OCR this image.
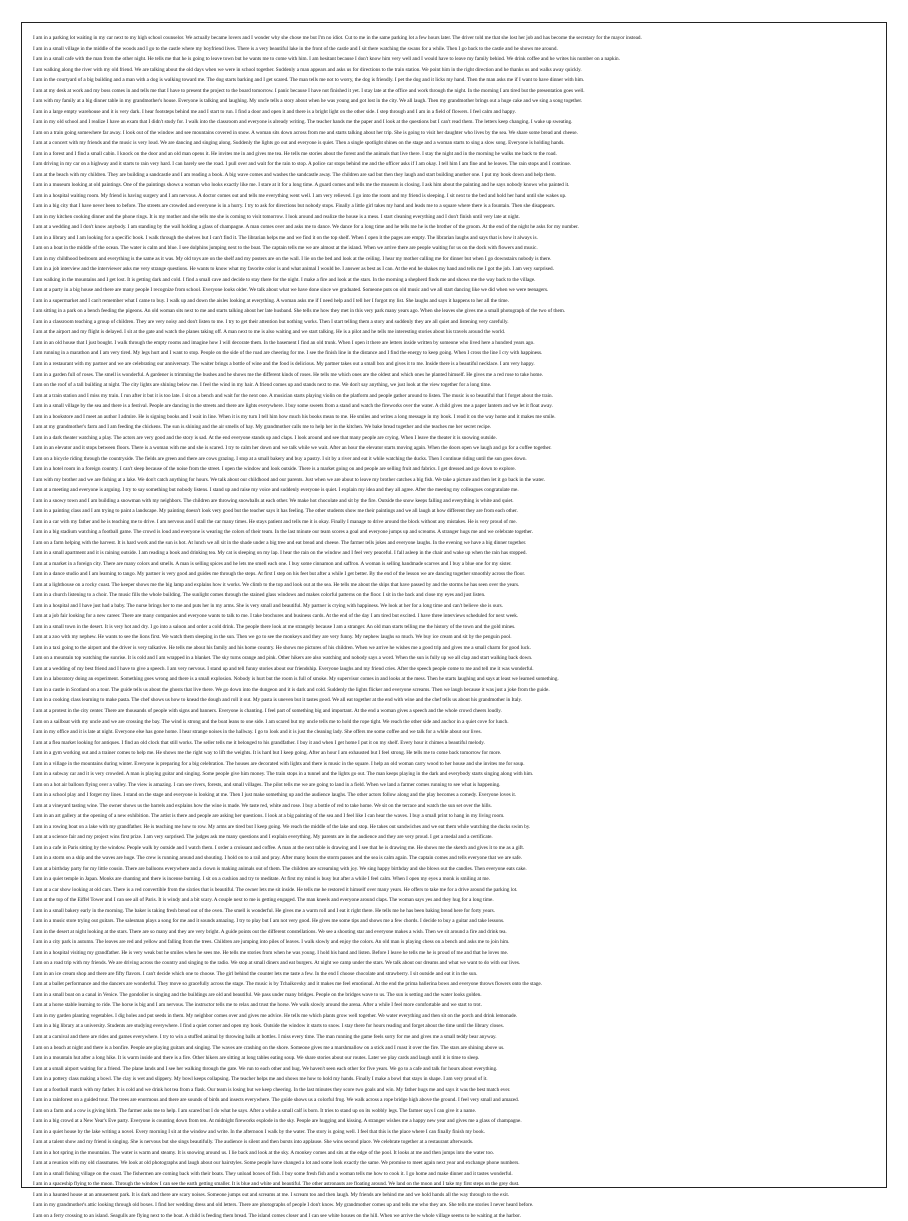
I am in a parking lot waiting in my car next to my high school counselor. We actually became lovers and I wonder why she chose me but I'm no idiot. Cut to me in the same parking lot a few hours later. The driver told me that she lost her job and has become the secretary for the mayor instead.

I am in a small village in the middle of the woods and I go to the castle where my boyfriend lives. There is a very beautiful lake in the front of the castle and I sit there watching the swans for a while. Then I go back to the castle and he shows me around.

I am in a small cafe with the man from the other night. He tells me that he is going to leave town but he wants me to come with him. I am hesitant because I don't know him very well and I would have to leave my family behind. We drink coffee and he writes his number on a napkin.

I am walking along the river with my old friend. We are talking about the old days when we were in school together. Suddenly a man appears and asks us for directions to the train station. We point him in the right direction and he thanks us and walks away quickly.

I am in the courtyard of a big building and a man with a dog is walking toward me. The dog starts barking and I get scared. The man tells me not to worry, the dog is friendly. I pet the dog and it licks my hand. Then the man asks me if I want to have dinner with him.

I am at my desk at work and my boss comes in and tells me that I have to present the project to the board tomorrow. I panic because I have not finished it yet. I stay late at the office and work through the night. In the morning I am tired but the presentation goes well.

I am with my family at a big dinner table in my grandmother's house. Everyone is talking and laughing. My uncle tells a story about when he was young and got lost in the city. We all laugh. Then my grandmother brings out a huge cake and we sing a song together.

I am in a large empty warehouse and it is very dark. I hear footsteps behind me and I start to run. I find a door and open it and there is a bright light on the other side. I step through and I am in a field of flowers. I feel calm and happy.

I am in my old school and I realize I have an exam that I didn't study for. I walk into the classroom and everyone is already writing. The teacher hands me the paper and I look at the questions but I can't read them. The letters keep changing. I wake up sweating.

I am on a train going somewhere far away. I look out of the window and see mountains covered in snow. A woman sits down across from me and starts talking about her trip. She is going to visit her daughter who lives by the sea. We share some bread and cheese.

I am at a concert with my friends and the music is very loud. We are dancing and singing along. Suddenly the lights go out and everyone is quiet. Then a single spotlight shines on the stage and a woman starts to sing a slow song. Everyone is holding hands.

I am in a forest and I find a small cabin. I knock on the door and an old man opens it. He invites me in and gives me tea. He tells me stories about the forest and the animals that live there. I stay the night and in the morning he walks me back to the road.

I am driving in my car on a highway and it starts to rain very hard. I can barely see the road. I pull over and wait for the rain to stop. A police car stops behind me and the officer asks if I am okay. I tell him I am fine and he leaves. The rain stops and I continue.

I am at the beach with my children. They are building a sandcastle and I am reading a book. A big wave comes and washes the sandcastle away. The children are sad but then they laugh and start building another one. I put my book down and help them.

I am in a museum looking at old paintings. One of the paintings shows a woman who looks exactly like me. I stare at it for a long time. A guard comes and tells me the museum is closing. I ask him about the painting and he says nobody knows who painted it.

I am in a hospital waiting room. My friend is having surgery and I am nervous. A doctor comes out and tells me everything went well. I am very relieved. I go into the room and my friend is sleeping. I sit next to the bed and hold her hand until she wakes up.

I am in a big city that I have never been to before. The streets are crowded and everyone is in a hurry. I try to ask for directions but nobody stops. Finally a little girl takes my hand and leads me to a square where there is a fountain. Then she disappears.

I am in my kitchen cooking dinner and the phone rings. It is my mother and she tells me she is coming to visit tomorrow. I look around and realize the house is a mess. I start cleaning everything and I don't finish until very late at night.

I am at a wedding and I don't know anybody. I am standing by the wall holding a glass of champagne. A man comes over and asks me to dance. We dance for a long time and he tells me he is the brother of the groom. At the end of the night he asks for my number.

I am in a library and I am looking for a specific book. I walk through the shelves but I can't find it. The librarian helps me and we find it on the top shelf. When I open it the pages are empty. The librarian laughs and says that is how it always is.

I am on a boat in the middle of the ocean. The water is calm and blue. I see dolphins jumping next to the boat. The captain tells me we are almost at the island. When we arrive there are people waiting for us on the dock with flowers and music.

I am in my childhood bedroom and everything is the same as it was. My old toys are on the shelf and my posters are on the wall. I lie on the bed and look at the ceiling. I hear my mother calling me for dinner but when I go downstairs nobody is there.

I am in a job interview and the interviewer asks me very strange questions. He wants to know what my favorite color is and what animal I would be. I answer as best as I can. At the end he shakes my hand and tells me I got the job. I am very surprised.

I am walking in the mountains and I get lost. It is getting dark and cold. I find a small cave and decide to stay there for the night. I make a fire and look at the stars. In the morning a shepherd finds me and shows me the way back to the village.

I am at a party in a big house and there are many people I recognize from school. Everyone looks older. We talk about what we have done since we graduated. Someone puts on old music and we all start dancing like we did when we were teenagers.

I am in a supermarket and I can't remember what I came to buy. I walk up and down the aisles looking at everything. A woman asks me if I need help and I tell her I forgot my list. She laughs and says it happens to her all the time.

I am sitting in a park on a bench feeding the pigeons. An old woman sits next to me and starts talking about her late husband. She tells me how they met in this very park many years ago. When she leaves she gives me a small photograph of the two of them.

I am in a classroom teaching a group of children. They are very noisy and don't listen to me. I try to get their attention but nothing works. Then I start telling them a story and suddenly they are all quiet and listening very carefully.

I am at the airport and my flight is delayed. I sit at the gate and watch the planes taking off. A man next to me is also waiting and we start talking. He is a pilot and he tells me interesting stories about his travels around the world.

I am in an old house that I just bought. I walk through the empty rooms and imagine how I will decorate them. In the basement I find an old trunk. When I open it there are letters inside written by someone who lived here a hundred years ago.

I am running in a marathon and I am very tired. My legs hurt and I want to stop. People on the side of the road are cheering for me. I see the finish line in the distance and I find the energy to keep going. When I cross the line I cry with happiness.

I am in a restaurant with my partner and we are celebrating our anniversary. The waiter brings a bottle of wine and the food is delicious. My partner takes out a small box and gives it to me. Inside there is a beautiful necklace. I am very happy.

I am in a garden full of roses. The smell is wonderful. A gardener is trimming the bushes and he shows me the different kinds of roses. He tells me which ones are the oldest and which ones he planted himself. He gives me a red rose to take home.

I am on the roof of a tall building at night. The city lights are shining below me. I feel the wind in my hair. A friend comes up and stands next to me. We don't say anything, we just look at the view together for a long time.

I am at a train station and I miss my train. I run after it but it is too late. I sit on a bench and wait for the next one. A musician starts playing violin on the platform and people gather around to listen. The music is so beautiful that I forget about the train.

I am in a small village by the sea and there is a festival. People are dancing in the streets and there are lights everywhere. I buy some sweets from a stand and watch the fireworks over the water. A child gives me a paper lantern and we let it float away.

I am in a bookstore and I meet an author I admire. He is signing books and I wait in line. When it is my turn I tell him how much his books mean to me. He smiles and writes a long message in my book. I read it on the way home and it makes me smile.

I am at my grandmother's farm and I am feeding the chickens. The sun is shining and the air smells of hay. My grandmother calls me to help her in the kitchen. We bake bread together and she teaches me her secret recipe.

I am in a dark theater watching a play. The actors are very good and the story is sad. At the end everyone stands up and claps. I look around and see that many people are crying. When I leave the theater it is snowing outside.

I am in an elevator and it stops between floors. There is a woman with me and she is scared. I try to calm her down and we talk while we wait. After an hour the elevator starts moving again. When the doors open we laugh and go for a coffee together.

I am on a bicycle riding through the countryside. The fields are green and there are cows grazing. I stop at a small bakery and buy a pastry. I sit by a river and eat it while watching the ducks. Then I continue riding until the sun goes down.

I am in a hotel room in a foreign country. I can't sleep because of the noise from the street. I open the window and look outside. There is a market going on and people are selling fruit and fabrics. I get dressed and go down to explore.

I am with my brother and we are fishing at a lake. We don't catch anything for hours. We talk about our childhood and our parents. Just when we are about to leave my brother catches a big fish. We take a picture and then let it go back in the water.

I am at a meeting and everyone is arguing. I try to say something but nobody listens. I stand up and raise my voice and suddenly everyone is quiet. I explain my idea and they all agree. After the meeting my colleagues congratulate me.

I am in a snowy town and I am building a snowman with my neighbors. The children are throwing snowballs at each other. We make hot chocolate and sit by the fire. Outside the snow keeps falling and everything is white and quiet.

I am in a painting class and I am trying to paint a landscape. My painting doesn't look very good but the teacher says it has feeling. The other students show me their paintings and we all laugh at how different they are from each other.

I am in a car with my father and he is teaching me to drive. I am nervous and I stall the car many times. He stays patient and tells me it is okay. Finally I manage to drive around the block without any mistakes. He is very proud of me.

I am in a big stadium watching a football game. The crowd is loud and everyone is wearing the colors of their team. In the last minute our team scores a goal and everyone jumps up and screams. A stranger hugs me and we celebrate together.

I am on a farm helping with the harvest. It is hard work and the sun is hot. At lunch we all sit in the shade under a big tree and eat bread and cheese. The farmer tells jokes and everyone laughs. In the evening we have a big dinner together.

I am in a small apartment and it is raining outside. I am reading a book and drinking tea. My cat is sleeping on my lap. I hear the rain on the window and I feel very peaceful. I fall asleep in the chair and wake up when the rain has stopped.

I am at a market in a foreign city. There are many colors and smells. A man is selling spices and he lets me smell each one. I buy some cinnamon and saffron. A woman is selling handmade scarves and I buy a blue one for my sister.

I am in a dance studio and I am learning to tango. My partner is very good and guides me through the steps. At first I step on his feet but after a while I get better. By the end of the lesson we are dancing together smoothly across the floor.

I am at a lighthouse on a rocky coast. The keeper shows me the big lamp and explains how it works. We climb to the top and look out at the sea. He tells me about the ships that have passed by and the storms he has seen over the years.

I am in a church listening to a choir. The music fills the whole building. The sunlight comes through the stained glass windows and makes colorful patterns on the floor. I sit in the back and close my eyes and just listen.

I am in a hospital and I have just had a baby. The nurse brings her to me and puts her in my arms. She is very small and beautiful. My partner is crying with happiness. We look at her for a long time and can't believe she is ours.

I am at a job fair looking for a new career. There are many companies and everyone wants to talk to me. I take brochures and business cards. At the end of the day I am tired but excited. I have three interviews scheduled for next week.

I am in a small town in the desert. It is very hot and dry. I go into a saloon and order a cold drink. The people there look at me strangely because I am a stranger. An old man starts telling me the history of the town and the gold mines.

I am at a zoo with my nephew. He wants to see the lions first. We watch them sleeping in the sun. Then we go to see the monkeys and they are very funny. My nephew laughs so much. We buy ice cream and sit by the penguin pool.

I am in a taxi going to the airport and the driver is very talkative. He tells me about his family and his home country. He shows me pictures of his children. When we arrive he wishes me a good trip and gives me a small charm for good luck.

I am on a mountain top watching the sunrise. It is cold and I am wrapped in a blanket. The sky turns orange and pink. Other hikers are also watching and nobody says a word. When the sun is fully up we all clap and start walking back down.

I am at a wedding of my best friend and I have to give a speech. I am very nervous. I stand up and tell funny stories about our friendship. Everyone laughs and my friend cries. After the speech people come to me and tell me it was wonderful.

I am in a laboratory doing an experiment. Something goes wrong and there is a small explosion. Nobody is hurt but the room is full of smoke. My supervisor comes in and looks at the mess. Then he starts laughing and says at least we learned something.

I am in a castle in Scotland on a tour. The guide tells us about the ghosts that live there. We go down into the dungeon and it is dark and cold. Suddenly the lights flicker and everyone screams. Then we laugh because it was just a joke from the guide.

I am in a cooking class learning to make pasta. The chef shows us how to knead the dough and roll it out. My pasta is uneven but it tastes good. We all eat together at the end with wine and the chef tells us about his grandmother in Italy.

I am at a protest in the city center. There are thousands of people with signs and banners. Everyone is chanting. I feel part of something big and important. At the end a woman gives a speech and the whole crowd cheers loudly.

I am on a sailboat with my uncle and we are crossing the bay. The wind is strong and the boat leans to one side. I am scared but my uncle tells me to hold the rope tight. We reach the other side and anchor in a quiet cove for lunch.

I am in my office and it is late at night. Everyone else has gone home. I hear strange noises in the hallway. I go to look and it is just the cleaning lady. She offers me some coffee and we talk for a while about our lives.

I am at a flea market looking for antiques. I find an old clock that still works. The seller tells me it belonged to his grandfather. I buy it and when I get home I put it on my shelf. Every hour it chimes a beautiful melody.

I am in a gym working out and a trainer comes to help me. He shows me the right way to lift the weights. It is hard but I keep going. After an hour I am exhausted but I feel strong. He tells me to come back tomorrow for more.

I am in a village in the mountains during winter. Everyone is preparing for a big celebration. The houses are decorated with lights and there is music in the square. I help an old woman carry wood to her house and she invites me for soup.

I am in a subway car and it is very crowded. A man is playing guitar and singing. Some people give him money. The train stops in a tunnel and the lights go out. The man keeps playing in the dark and everybody starts singing along with him.

I am on a hot air balloon flying over a valley. The view is amazing. I can see rivers, forests, and small villages. The pilot tells me we are going to land in a field. When we land a farmer comes running to see what is happening.

I am in a school play and I forget my lines. I stand on the stage and everyone is looking at me. Then I just make something up and the audience laughs. The other actors follow along and the play becomes a comedy. Everyone loves it.

I am at a vineyard tasting wine. The owner shows us the barrels and explains how the wine is made. We taste red, white and rose. I buy a bottle of red to take home. We sit on the terrace and watch the sun set over the hills.

I am in an art gallery at the opening of a new exhibition. The artist is there and people are asking her questions. I look at a big painting of the sea and I feel like I can hear the waves. I buy a small print to hang in my living room.

I am in a rowing boat on a lake with my grandfather. He is teaching me how to row. My arms are tired but I keep going. We reach the middle of the lake and stop. He takes out sandwiches and we eat them while watching the ducks swim by.

I am at a science fair and my project wins first prize. I am very surprised. The judges ask me many questions and I explain everything. My parents are in the audience and they are very proud. I get a medal and a certificate.

I am in a cafe in Paris sitting by the window. People walk by outside and I watch them. I order a croissant and coffee. A man at the next table is drawing and I see that he is drawing me. He shows me the sketch and gives it to me as a gift.

I am in a storm on a ship and the waves are huge. The crew is running around and shouting. I hold on to a rail and pray. After many hours the storm passes and the sea is calm again. The captain comes and tells everyone that we are safe.

I am at a birthday party for my little cousin. There are balloons everywhere and a clown is making animals out of them. The children are screaming with joy. We sing happy birthday and she blows out the candles. Then everyone eats cake.

I am in a quiet temple in Japan. Monks are chanting and there is incense burning. I sit on a cushion and try to meditate. At first my mind is busy but after a while I feel calm. When I open my eyes a monk is smiling at me.

I am at a car show looking at old cars. There is a red convertible from the sixties that is beautiful. The owner lets me sit inside. He tells me he restored it himself over many years. He offers to take me for a drive around the parking lot.

I am at the top of the Eiffel Tower and I can see all of Paris. It is windy and a bit scary. A couple next to me is getting engaged. The man kneels and everyone around claps. The woman says yes and they hug for a long time.

I am in a small bakery early in the morning. The baker is taking fresh bread out of the oven. The smell is wonderful. He gives me a warm roll and I eat it right there. He tells me he has been baking bread here for forty years.

I am in a music store trying out guitars. The salesman plays a song for me and it sounds amazing. I try to play but I am not very good. He gives me some tips and shows me a few chords. I decide to buy a guitar and take lessons.

I am in the desert at night looking at the stars. There are so many and they are very bright. A guide points out the different constellations. We see a shooting star and everyone makes a wish. Then we sit around a fire and drink tea.

I am in a city park in autumn. The leaves are red and yellow and falling from the trees. Children are jumping into piles of leaves. I walk slowly and enjoy the colors. An old man is playing chess on a bench and asks me to join him.

I am in a hospital visiting my grandfather. He is very weak but he smiles when he sees me. He tells me stories from when he was young. I hold his hand and listen. Before I leave he tells me he is proud of me and that he loves me.

I am on a road trip with my friends. We are driving across the country and singing to the radio. We stop at small diners and eat burgers. At night we camp under the stars. We talk about our dreams and what we want to do with our lives.

I am in an ice cream shop and there are fifty flavors. I can't decide which one to choose. The girl behind the counter lets me taste a few. In the end I choose chocolate and strawberry. I sit outside and eat it in the sun.

I am at a ballet performance and the dancers are wonderful. They move so gracefully across the stage. The music is by Tchaikovsky and it makes me feel emotional. At the end the prima ballerina bows and everyone throws flowers onto the stage.

I am in a small boat on a canal in Venice. The gondolier is singing and the buildings are old and beautiful. We pass under many bridges. People on the bridges wave to us. The sun is setting and the water looks golden.

I am at a horse stable learning to ride. The horse is big and I am nervous. The instructor tells me to relax and trust the horse. We walk slowly around the arena. After a while I feel more comfortable and we start to trot.

I am in my garden planting vegetables. I dig holes and put seeds in them. My neighbor comes over and gives me advice. He tells me which plants grow well together. We water everything and then sit on the porch and drink lemonade.

I am in a big library at a university. Students are studying everywhere. I find a quiet corner and open my book. Outside the window it starts to snow. I stay there for hours reading and forget about the time until the library closes.

I am at a carnival and there are rides and games everywhere. I try to win a stuffed animal by throwing balls at bottles. I miss every time. The man running the game feels sorry for me and gives me a small teddy bear anyway.

I am on a beach at night and there is a bonfire. People are playing guitars and singing. The waves are crashing on the shore. Someone gives me a marshmallow on a stick and I roast it over the fire. The stars are shining above us.

I am in a mountain hut after a long hike. It is warm inside and there is a fire. Other hikers are sitting at long tables eating soup. We share stories about our routes. Later we play cards and laugh until it is time to sleep.

I am at a small airport waiting for a friend. The plane lands and I see her walking through the gate. We run to each other and hug. We haven't seen each other for five years. We go to a cafe and talk for hours about everything.

I am in a pottery class making a bowl. The clay is wet and slippery. My bowl keeps collapsing. The teacher helps me and shows me how to hold my hands. Finally I make a bowl that stays in shape. I am very proud of it.

I am at a football match with my father. It is cold and we drink hot tea from a flask. Our team is losing but we keep cheering. In the last minutes they score two goals and win. My father hugs me and says it was the best match ever.

I am in a rainforest on a guided tour. The trees are enormous and there are sounds of birds and insects everywhere. The guide shows us a colorful frog. We walk across a rope bridge high above the ground. I feel very small and amazed.

I am on a farm and a cow is giving birth. The farmer asks me to help. I am scared but I do what he says. After a while a small calf is born. It tries to stand up on its wobbly legs. The farmer says I can give it a name.

I am in a big crowd at a New Year's Eve party. Everyone is counting down from ten. At midnight fireworks explode in the sky. People are hugging and kissing. A stranger wishes me a happy new year and gives me a glass of champagne.

I am in a quiet house by the lake writing a novel. Every morning I sit at the window and write. In the afternoon I walk by the water. The story is going well. I feel that this is the place where I can finally finish my book.

I am at a talent show and my friend is singing. She is nervous but she sings beautifully. The audience is silent and then bursts into applause. She wins second place. We celebrate together at a restaurant afterwards.

I am in a hot spring in the mountains. The water is warm and steamy. It is snowing around us. I lie back and look at the sky. A monkey comes and sits at the edge of the pool. It looks at me and then jumps into the water too.

I am at a reunion with my old classmates. We look at old photographs and laugh about our hairstyles. Some people have changed a lot and some look exactly the same. We promise to meet again next year and exchange phone numbers.

I am in a small fishing village on the coast. The fishermen are coming back with their boats. They unload boxes of fish. I buy some fresh fish and a woman tells me how to cook it. I go home and make dinner and it tastes wonderful.

I am in a spaceship flying to the moon. Through the window I can see the earth getting smaller. It is blue and white and beautiful. The other astronauts are floating around. We land on the moon and I take my first steps on the grey dust.

I am in a haunted house at an amusement park. It is dark and there are scary noises. Someone jumps out and screams at me. I scream too and then laugh. My friends are behind me and we hold hands all the way through to the exit.

I am in my grandmother's attic looking through old boxes. I find her wedding dress and old letters. There are photographs of people I don't know. My grandmother comes up and tells me who they are. She tells me stories I never heard before.

I am on a ferry crossing to an island. Seagulls are flying next to the boat. A child is feeding them bread. The island comes closer and I can see white houses on the hill. When we arrive the whole village seems to be waiting at the harbor.
